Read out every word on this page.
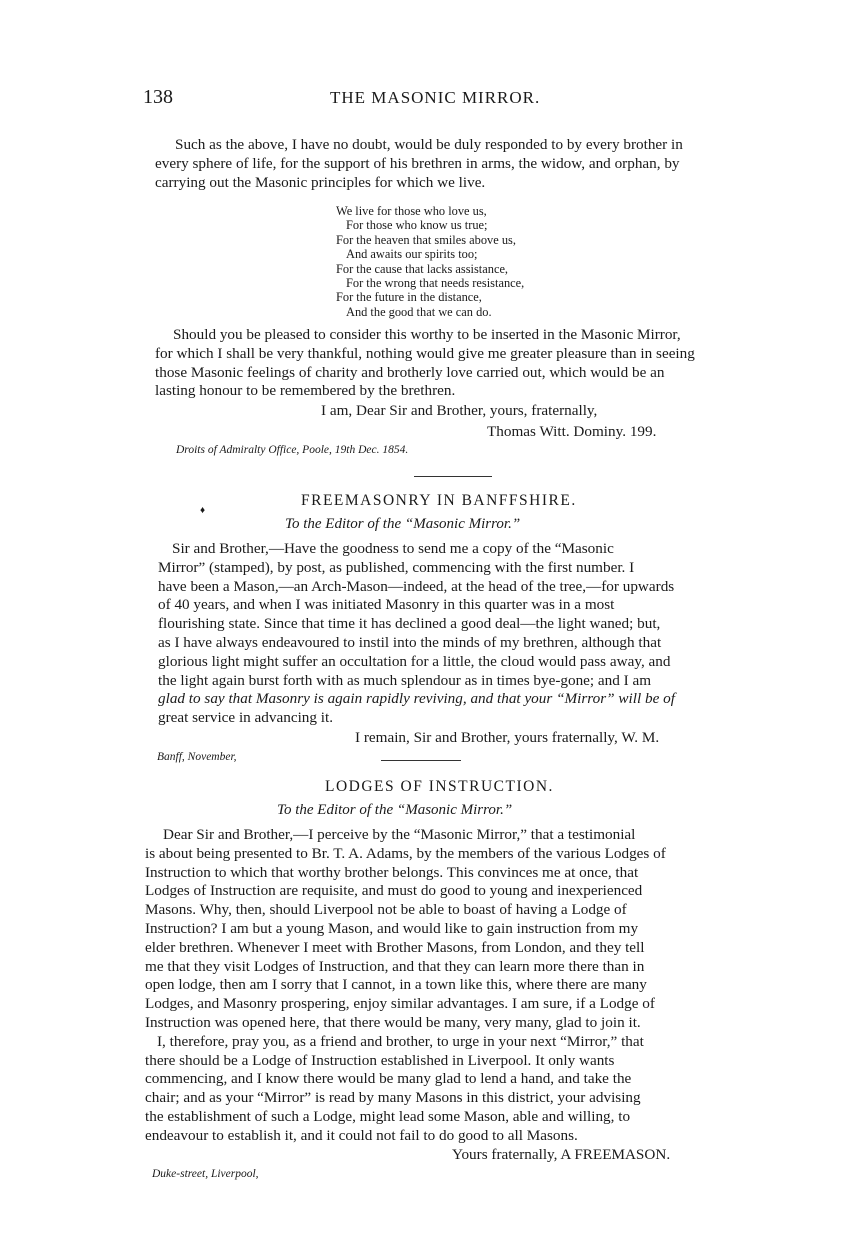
138	THE MASONIC MIRROR.
Such as the above, I have no doubt, would be duly responded to by every brother in
every sphere of life, for the support of his brethren in arms, the widow, and orphan, by
carrying out the Masonic principles for which we live.
We live for those who love us,
For those who know us true;
For the heaven that smiles above us,
And awaits our spirits too;
For the cause that lacks assistance,
For the wrong that needs resistance,
For the future in the distance,
And the good that we can do.
Should you be pleased to consider this worthy to be inserted in the Masonic Mirror,
for which I shall be very thankful, nothing would give me greater pleasure than in seeing
those Masonic feelings of charity and brotherly love carried out, which would be an
lasting honour to be remembered by the brethren.
I am, Dear Sir and Brother, yours, fraternally,
Thomas Witt. Dominy. 199.
Droits of Admiralty Office, Poole, 19th Dec. 1854.
♦
FREEMASONRY IN BANFFSHIRE.
To the Editor of the “Masonic Mirror.”
Sir and Brother,—Have the goodness to send me a copy of the “Masonic
Mirror” (stamped), by post, as published, commencing with the first number. I
have been a Mason,—an Arch-Mason—indeed, at the head of the tree,—for upwards
of 40 years, and when I was initiated Masonry in this quarter was in a most
flourishing state. Since that time it has declined a good deal—the light waned; but,
as I have always endeavoured to instil into the minds of my brethren, although that
glorious light might suffer an occultation for a little, the cloud would pass away, and
the light again burst forth with as much splendour as in times bye-gone; and I am
glad to say that Masonry is again rapidly reviving, and that your “Mirror” will be of
great service in advancing it.
I remain, Sir and Brother, yours fraternally, W. M.
Banff, November,
LODGES OF INSTRUCTION.
To the Editor of the “Masonic Mirror.”
Dear Sir and Brother,—I perceive by the “Masonic Mirror,” that a testimonial
is about being presented to Br. T. A. Adams, by the members of the various Lodges of
Instruction to which that worthy brother belongs. This convinces me at once, that
Lodges of Instruction are requisite, and must do good to young and inexperienced
Masons. Why, then, should Liverpool not be able to boast of having a Lodge of
Instruction? I am but a young Mason, and would like to gain instruction from my
elder brethren. Whenever I meet with Brother Masons, from London, and they tell
me that they visit Lodges of Instruction, and that they can learn more there than in
open lodge, then am I sorry that I cannot, in a town like this, where there are many
Lodges, and Masonry prospering, enjoy similar advantages. I am sure, if a Lodge of
Instruction was opened here, that there would be many, very many, glad to join it.
I, therefore, pray you, as a friend and brother, to urge in your next “Mirror,” that
there should be a Lodge of Instruction established in Liverpool. It only wants
commencing, and I know there would be many glad to lend a hand, and take the
chair; and as your “Mirror” is read by many Masons in this district, your advising
the establishment of such a Lodge, might lead some Mason, able and willing, to
endeavour to establish it, and it could not fail to do good to all Masons.
Yours fraternally, A FREEMASON.
Duke-street, Liverpool,
